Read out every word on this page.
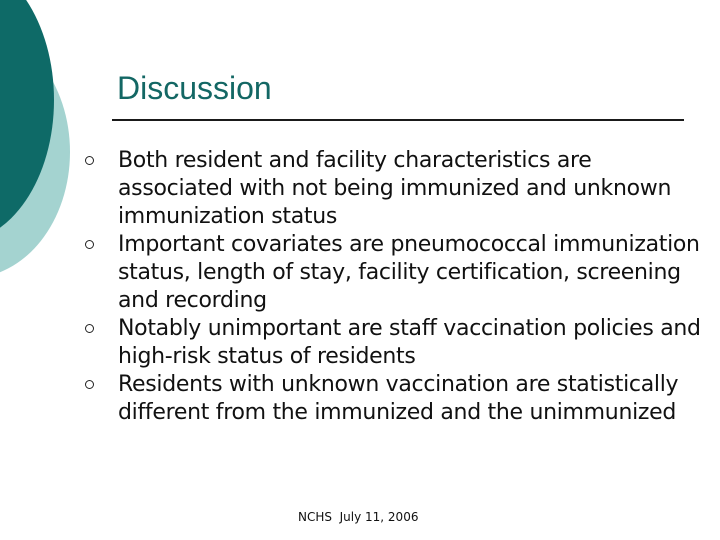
Discussion
Both resident and facility characteristics are associated with not being immunized and unknown immunization status
Important covariates are pneumococcal immunization status, length of stay, facility certification, screening and recording
Notably unimportant are staff vaccination policies and high-risk status of residents
Residents with unknown vaccination are statistically different from the immunized and the unimmunized
NCHS  July 11, 2006
